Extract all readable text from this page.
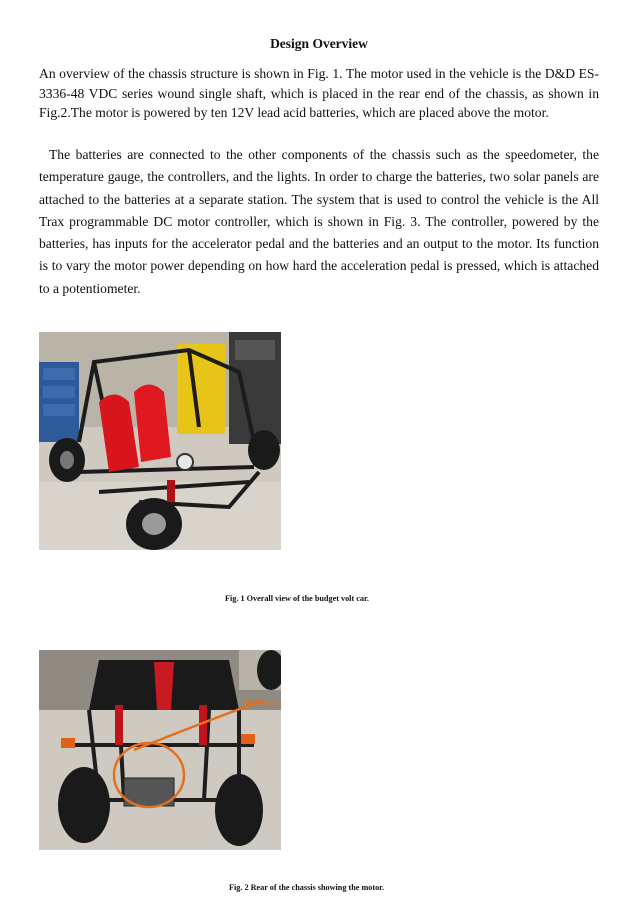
Design Overview
An overview of the chassis structure is shown in Fig. 1. The motor used in the vehicle is the D&D ES-3336-48 VDC series wound single shaft, which is placed in the rear end of the chassis, as shown in Fig.2.The motor is powered by ten 12V lead acid batteries, which are placed above the motor.
The batteries are connected to the other components of the chassis such as the speedometer, the temperature gauge, the controllers, and the lights. In order to charge the batteries, two solar panels are attached to the batteries at a separate station. The system that is used to control the vehicle is the All Trax programmable DC motor controller, which is shown in Fig. 3. The controller, powered by the batteries, has inputs for the accelerator pedal and the batteries and an output to the motor. Its function is to vary the motor power depending on how hard the acceleration pedal is pressed, which is attached to a potentiometer.
Fig. 1 Overall view of the budget volt car.
Batteries
Fig. 2 Rear of the chassis showing the motor.
